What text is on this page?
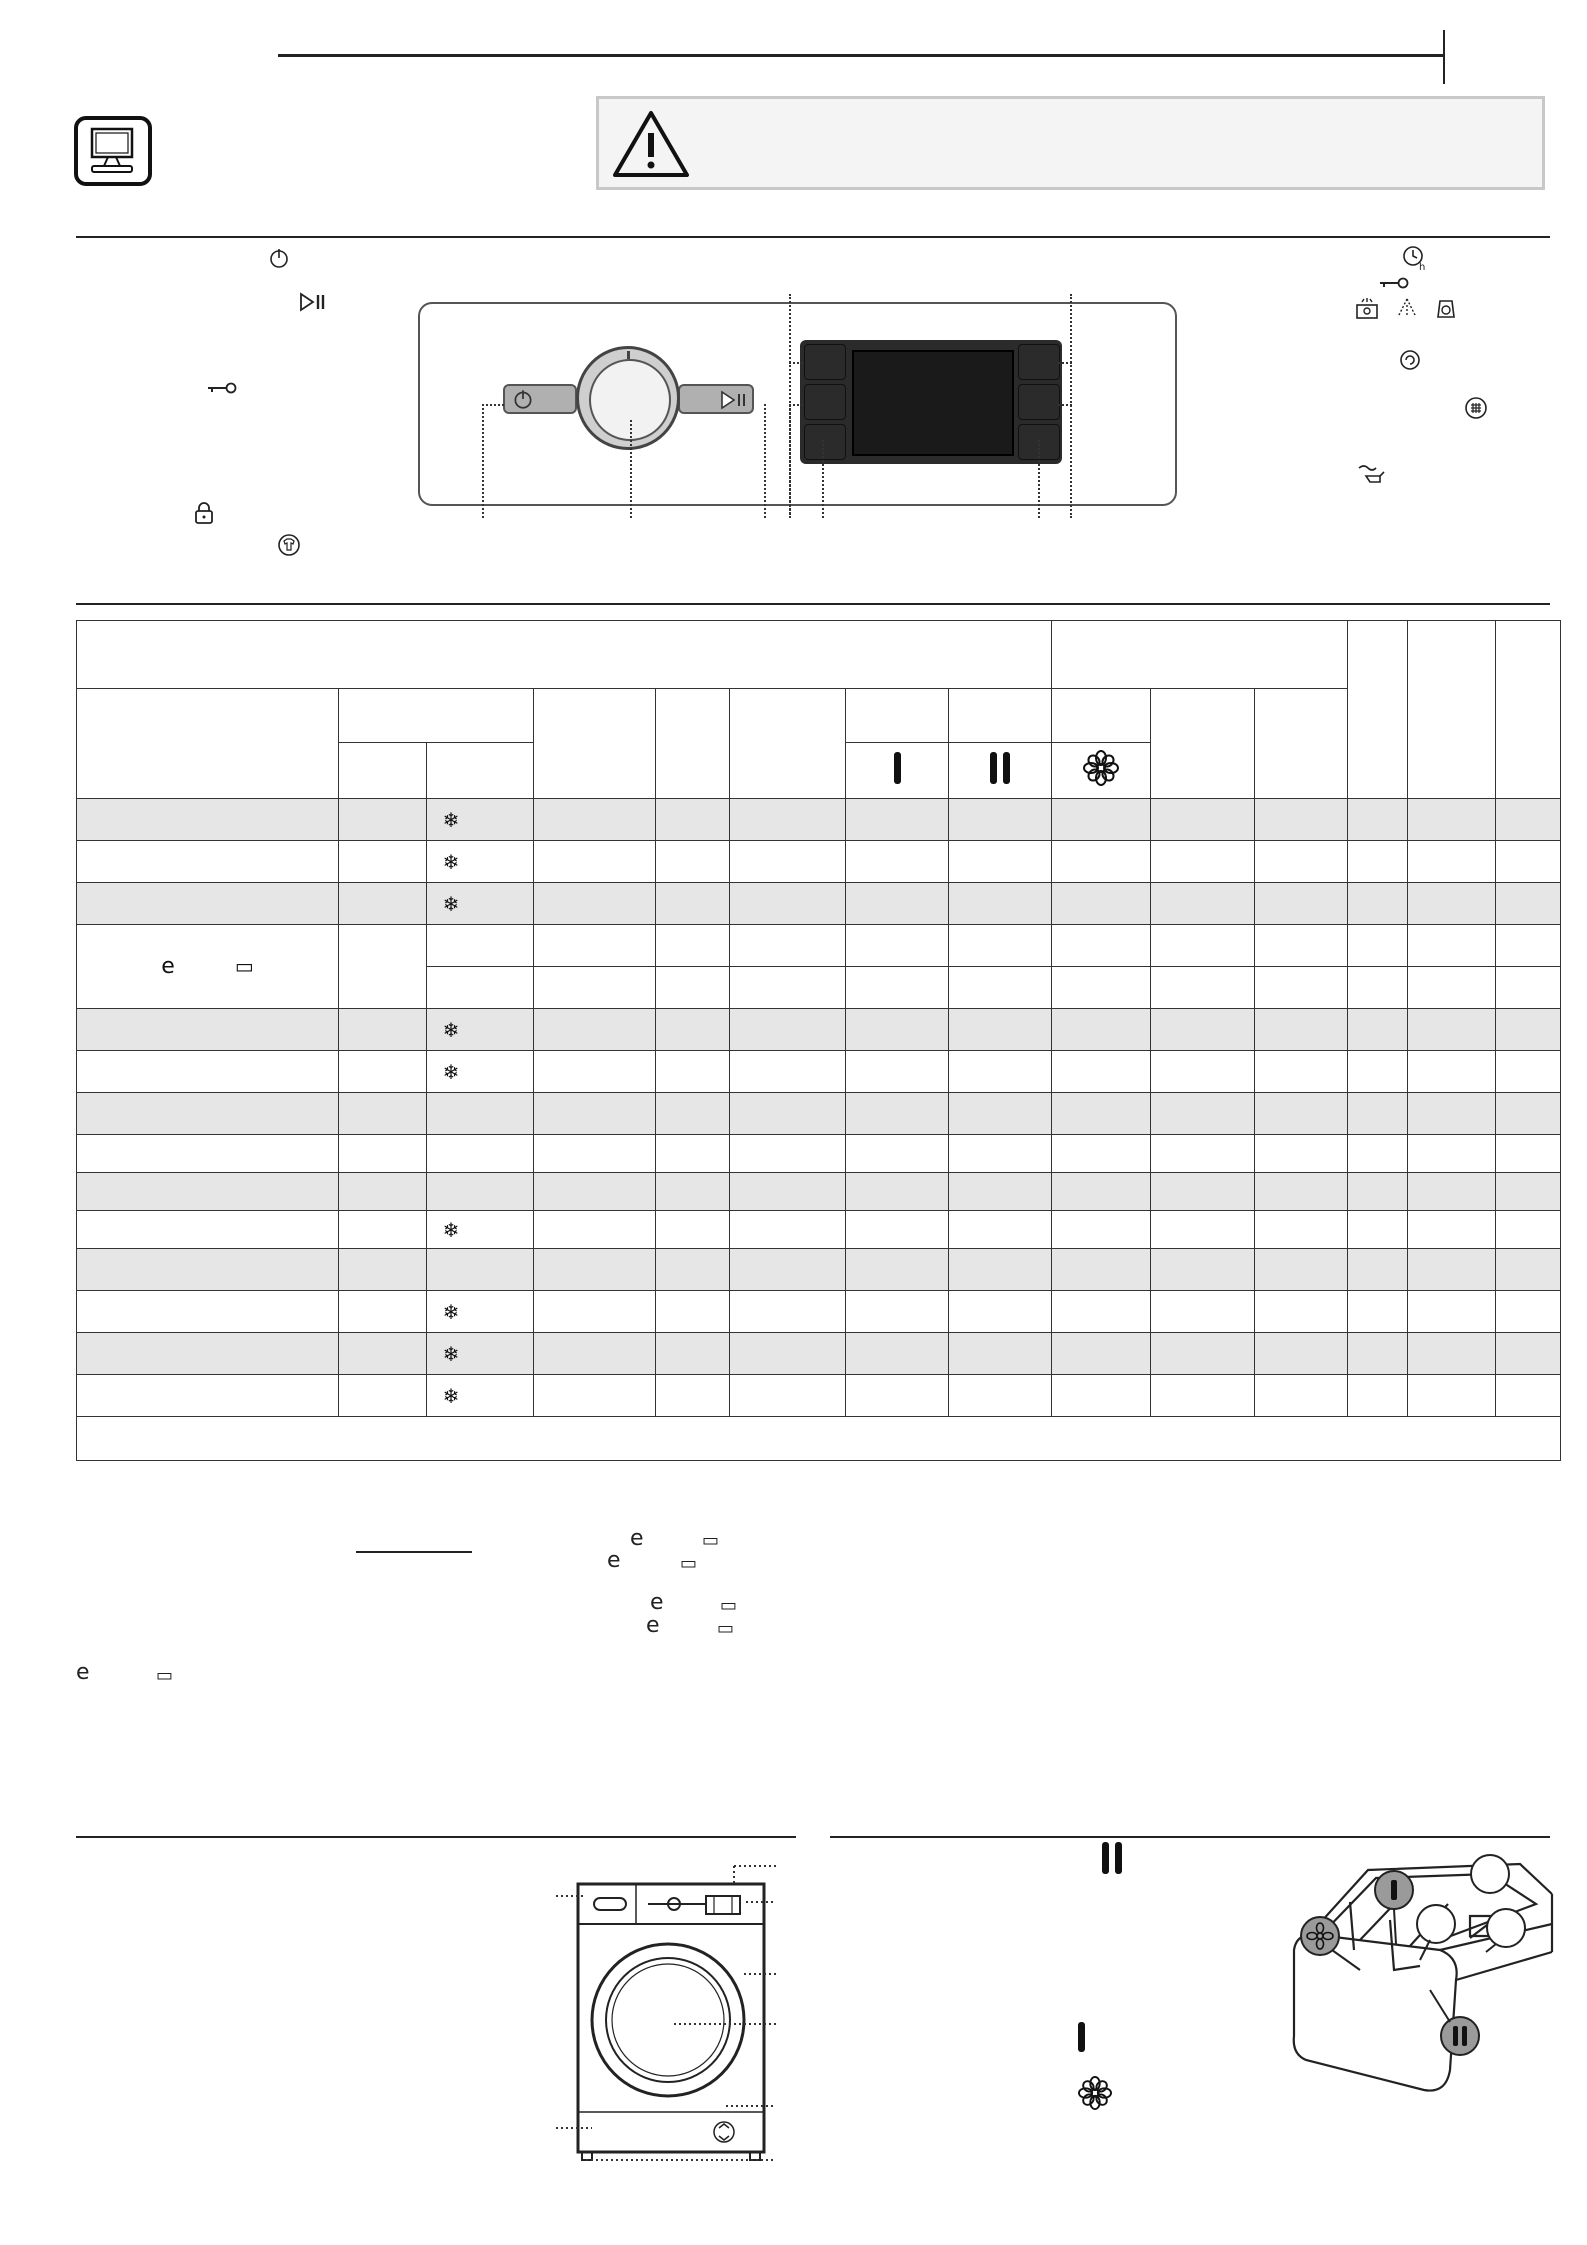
h

		❄											
		❄											
		❄											
e ▭													

		❄											
		❄											

		❄											

		❄											
		❄											
		❄											

e	▭
e	▭
e	▭
e	▭
e	▭
